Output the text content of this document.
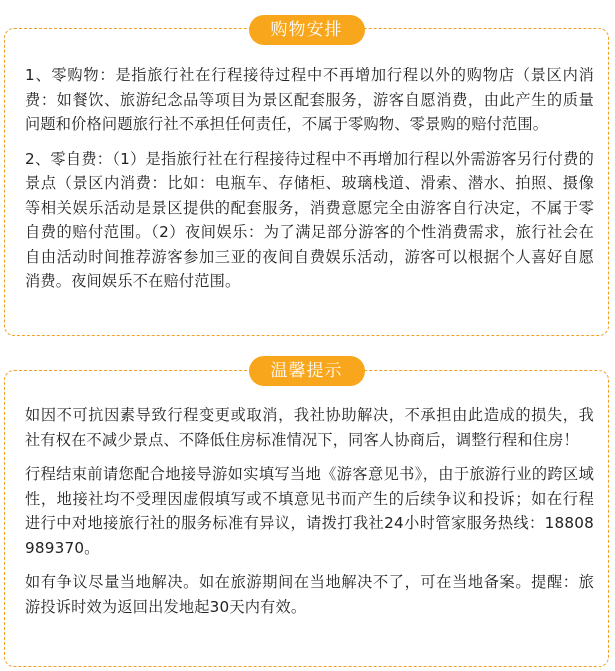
购物安排

1、零购物：是指旅行社在行程接待过程中不再增加行程以外的购物店（景区内消费：如餐饮、旅游纪念品等项目为景区配套服务，游客自愿消费，由此产生的质量问题和价格问题旅行社不承担任何责任，不属于零购物、零景购的赔付范围。

2、零自费：（1）是指旅行社在行程接待过程中不再增加行程以外需游客另行付费的景点（景区内消费：比如：电瓶车、存储柜、玻璃栈道、滑索、潜水、拍照、摄像等相关娱乐活动是景区提供的配套服务，消费意愿完全由游客自行决定，不属于零自费的赔付范围。（2）夜间娱乐：为了满足部分游客的个性消费需求，旅行社会在自由活动时间推荐游客参加三亚的夜间自费娱乐活动，游客可以根据个人喜好自愿消费。夜间娱乐不在赔付范围。

温馨提示

如因不可抗因素导致行程变更或取消，我社协助解决，不承担由此造成的损失，我社有权在不减少景点、不降低住房标准情况下，同客人协商后，调整行程和住房！

行程结束前请您配合地接导游如实填写当地《游客意见书》，由于旅游行业的跨区域性，地接社均不受理因虚假填写或不填意见书而产生的后续争议和投诉；如在行程进行中对地接旅行社的服务标准有异议，请拨打我社24小时管家服务热线：18808989370。

如有争议尽量当地解决。如在旅游期间在当地解决不了，可在当地备案。提醒：旅游投诉时效为返回出发地起30天内有效。
